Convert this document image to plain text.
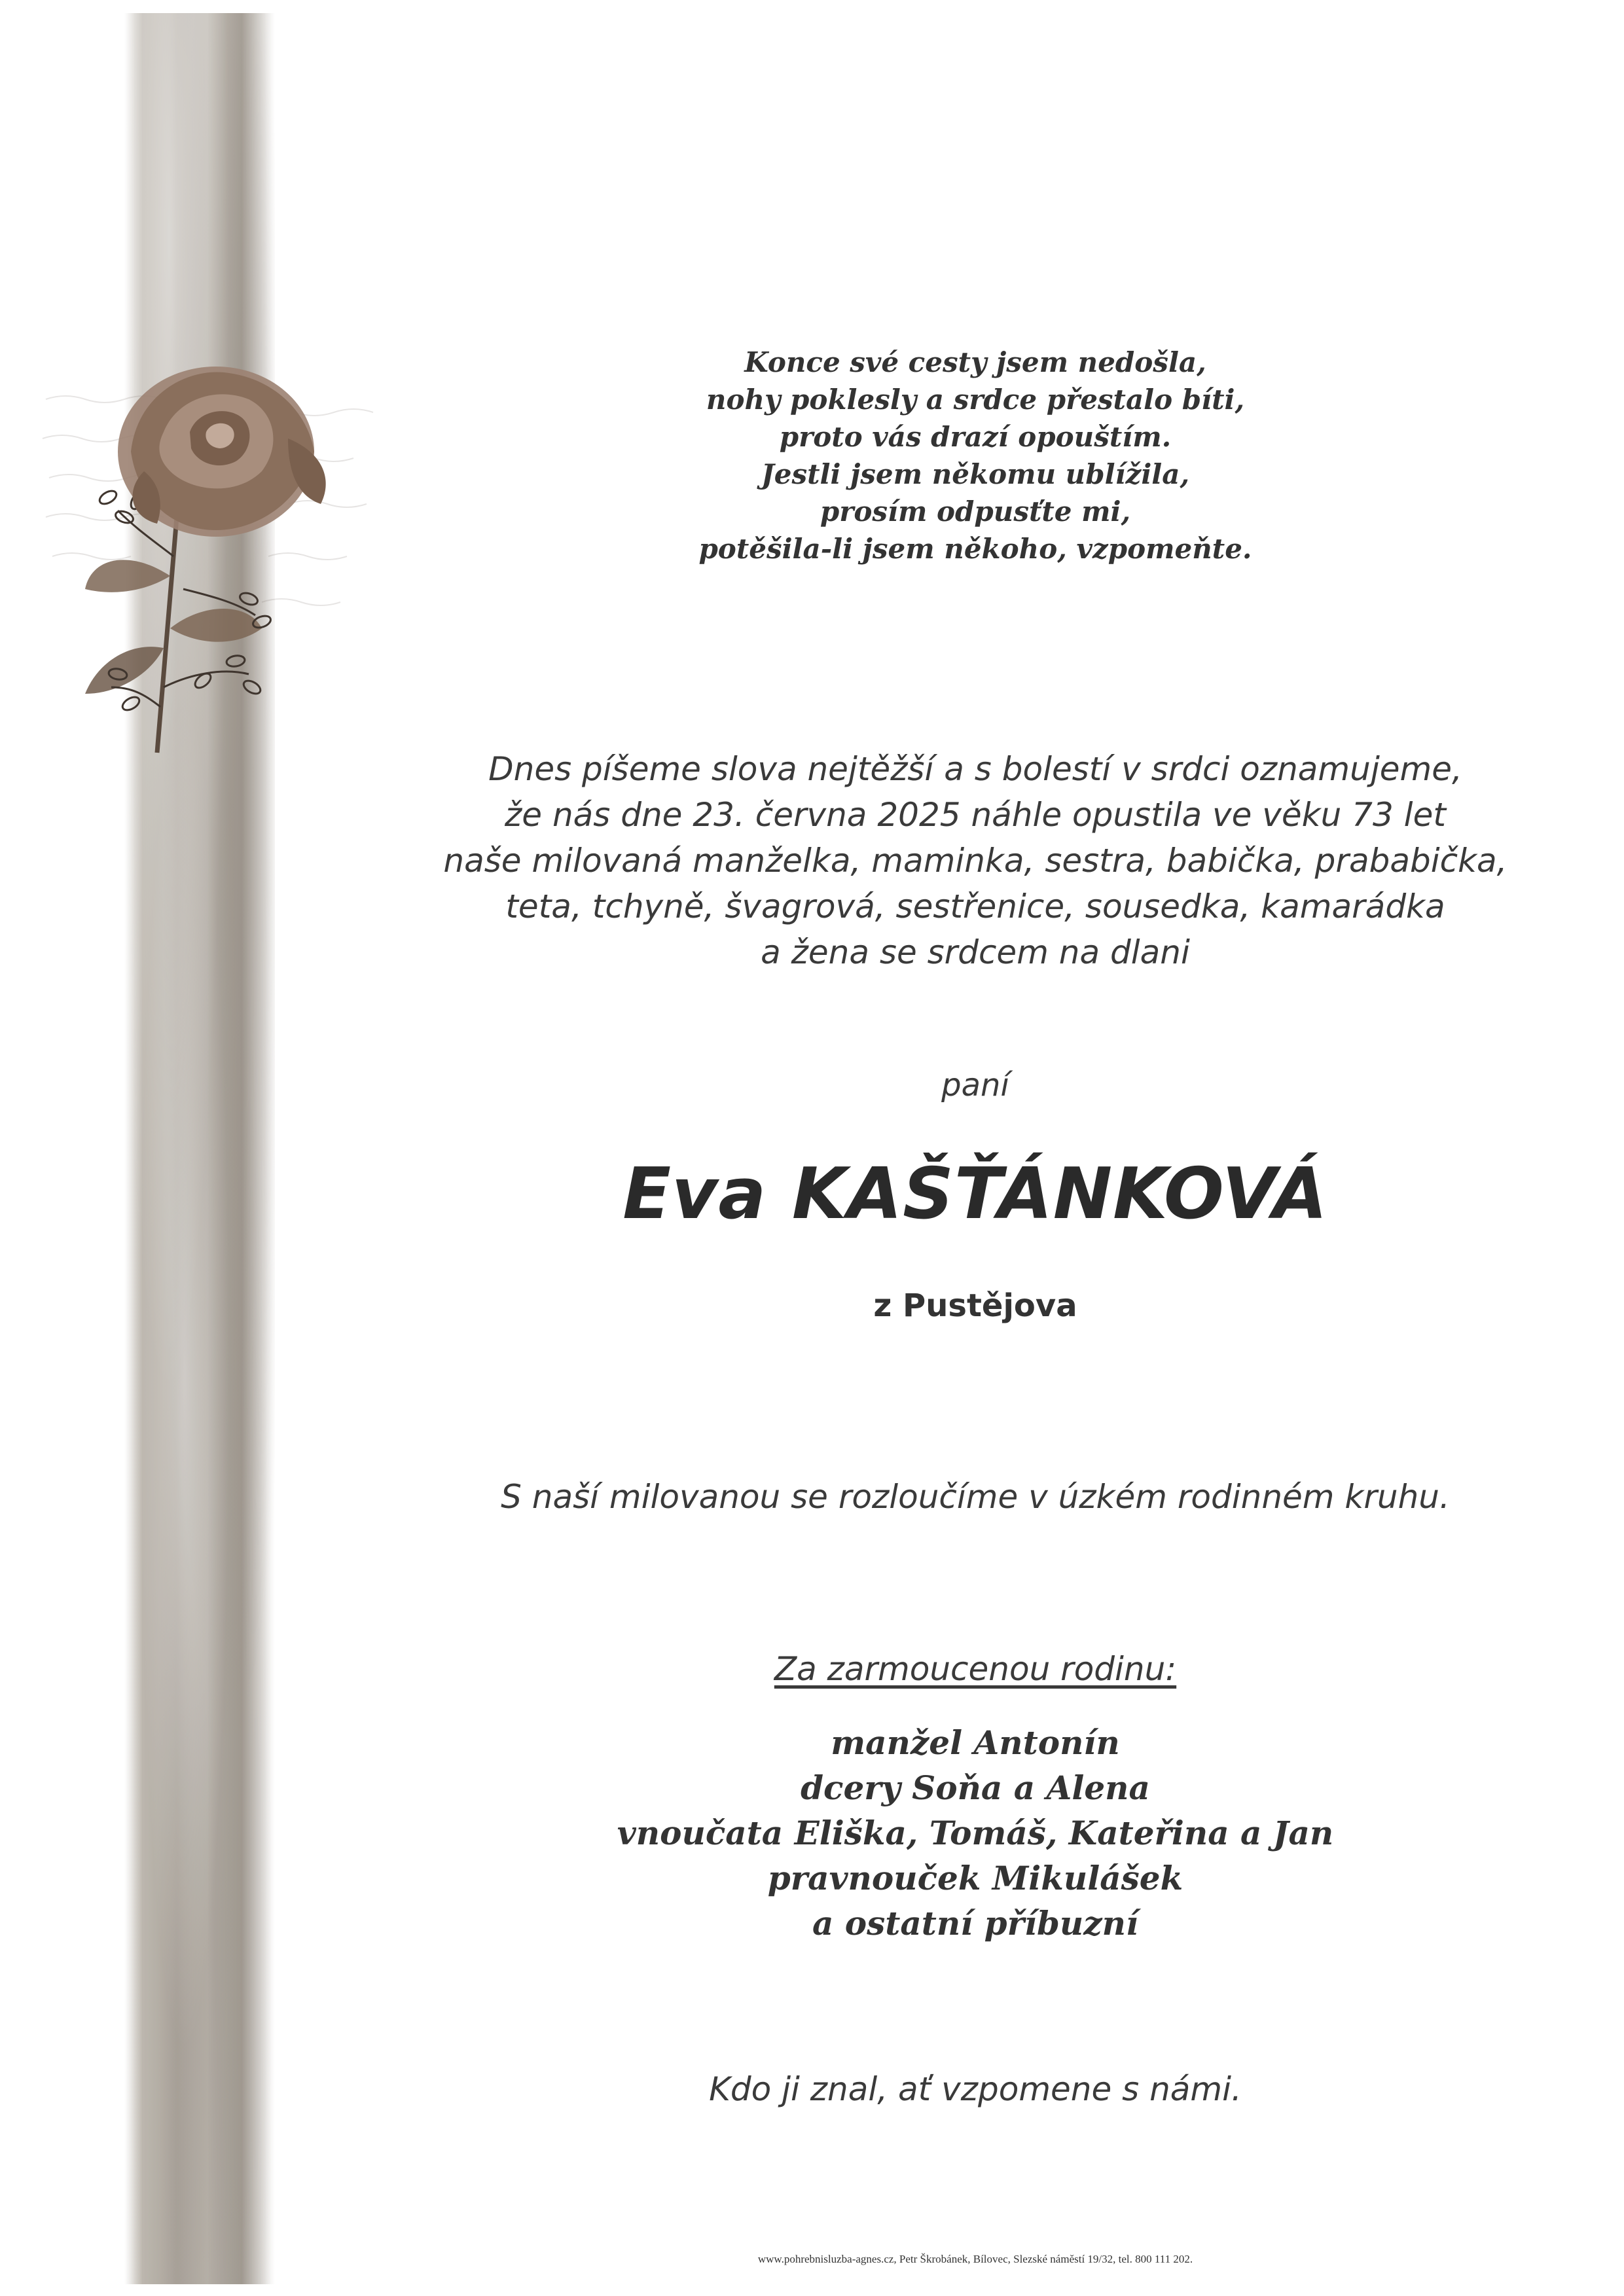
Konce své cesty jsem nedošla,
nohy poklesly a srdce přestalo bíti,
proto vás drazí opouštím.
Jestli jsem někomu ublížila,
prosím odpusťte mi,
potěšila-li jsem někoho, vzpomeňte.
Dnes píšeme slova nejtěžší a s bolestí v srdci oznamujeme,
že nás dne 23. června 2025 náhle opustila ve věku 73 let
naše milovaná manželka, maminka, sestra, babička, prababička,
teta, tchyně, švagrová, sestřenice, sousedka, kamarádka
a žena se srdcem na dlani
paní
Eva KAŠŤÁNKOVÁ
z Pustějova
S naší milovanou se rozloučíme v úzkém rodinném kruhu.
Za zarmoucenou rodinu:
manžel Antonín
dcery Soňa a Alena
vnoučata Eliška, Tomáš, Kateřina a Jan
pravnouček Mikulášek
a ostatní příbuzní
Kdo ji znal, ať vzpomene s námi.
www.pohrebnisluzba-agnes.cz, Petr Škrobánek, Bílovec, Slezské náměstí 19/32, tel. 800 111 202.
